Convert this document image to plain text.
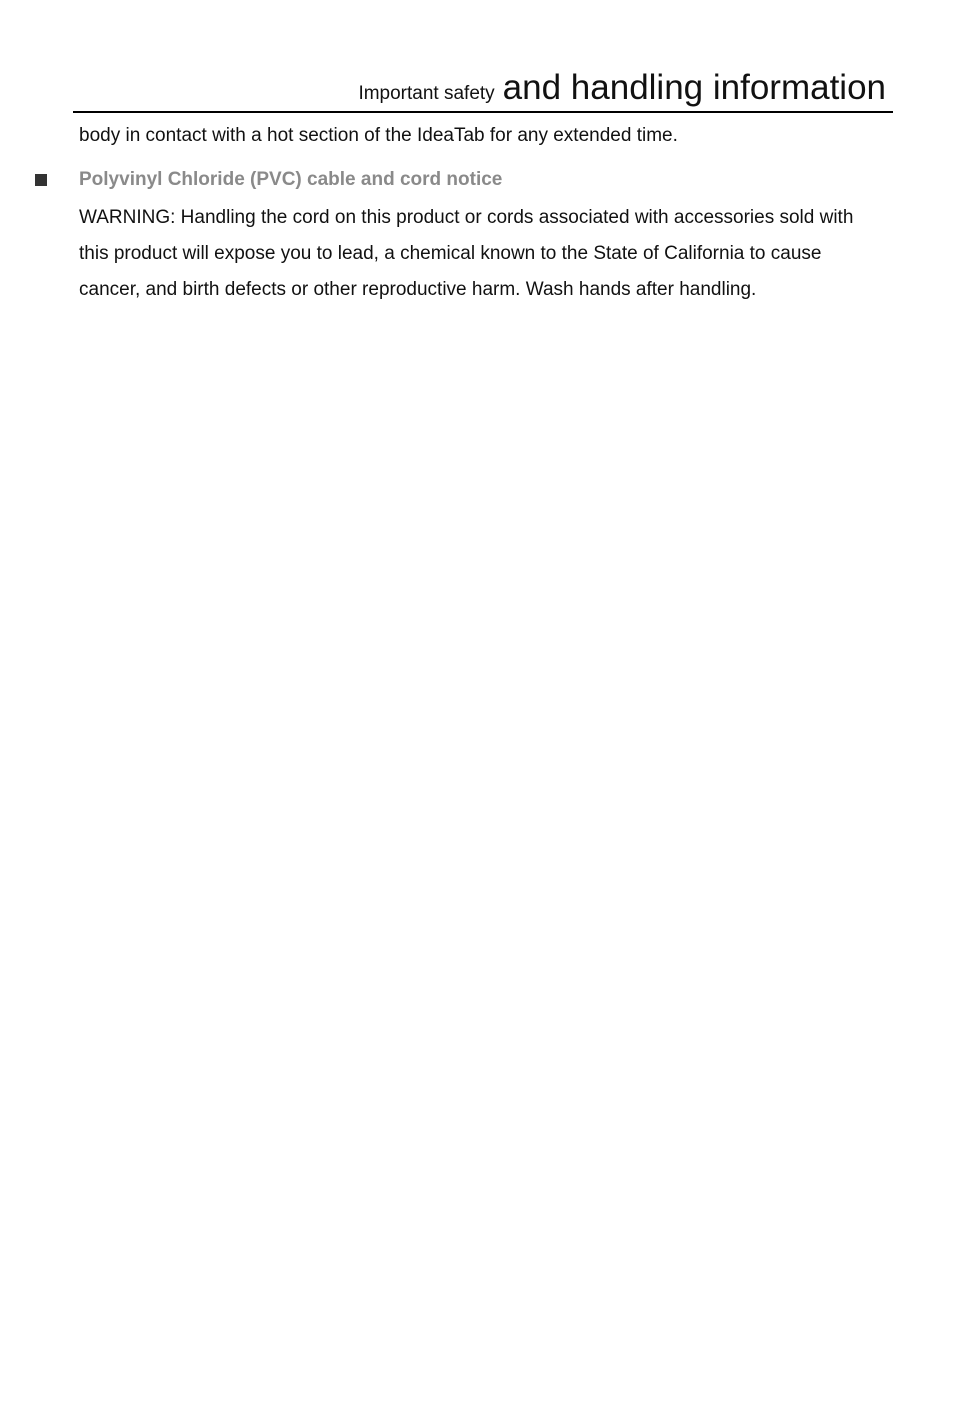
Important safety and handling information
body in contact with a hot section of the IdeaTab for any extended time.
Polyvinyl Chloride (PVC) cable and cord notice
WARNING: Handling the cord on this product or cords associated with accessories sold with this product will expose you to lead, a chemical known to the State of California to cause cancer, and birth defects or other reproductive harm. Wash hands after handling.
